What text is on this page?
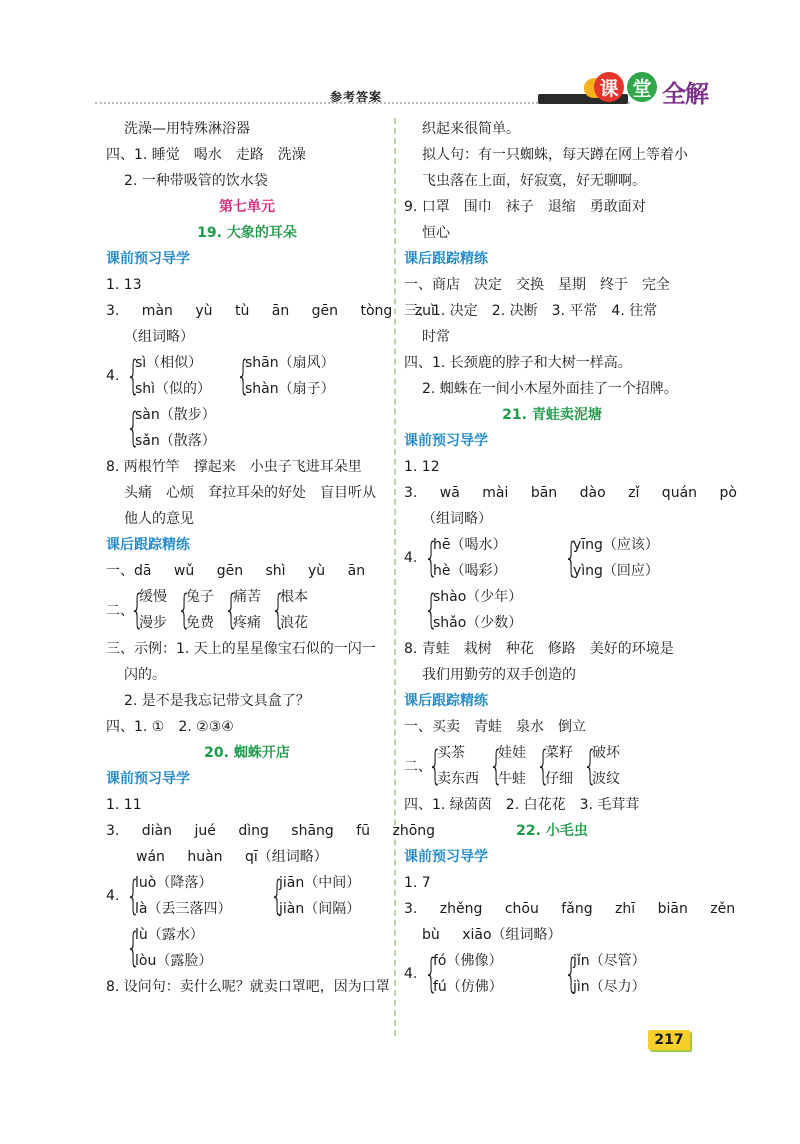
参考答案	课 堂 全解
洗澡—用特殊淋浴器
四、1. 睡觉　喝水　走路　洗澡
2. 一种带吸管的饮水袋
第七单元
19. 大象的耳朵
课前预习导学
1. 13
3. màn yù tù ān gēn tòng zuì
（组词略）
4. {
sì（相似）
shì（似的） {
shān（扇风）
shàn（扇子）
{
sàn（散步）
sǎn（散落）
8. 两根竹竿　撑起来　小虫子飞进耳朵里
头痛　心烦　耷拉耳朵的好处　盲目听从
他人的意见
课后跟踪精练
一、dā wǔ gēn shì yù ān
二、
{
缓慢
漫步 {
兔子
免费 {
痛苦
疼痛 {
根本
浪花
三、示例：1. 天上的星星像宝石似的一闪一
闪的。
2. 是不是我忘记带文具盒了？
四、1. ①　2. ②③④
20. 蜘蛛开店
课前预习导学
1. 11
3. diàn jué dìng shāng fū zhōng
wán huàn qī（组词略）
4. {
luò（降落）
là（丢三落四） {
jiān（中间）
jiàn（间隔）
{
lù（露水）
lòu（露脸）
8. 设问句：卖什么呢？就卖口罩吧，因为口罩
织起来很简单。
拟人句：有一只蜘蛛，每天蹲在网上等着小
飞虫落在上面，好寂寞，好无聊啊。
9. 口罩　围巾　袜子　退缩　勇敢面对
恒心
课后跟踪精练
一、商店　决定　交换　星期　终于　完全
三、1. 决定　2. 决断　3. 平常　4. 往常
时常
四、1. 长颈鹿的脖子和大树一样高。
2. 蜘蛛在一间小木屋外面挂了一个招牌。
21. 青蛙卖泥塘
课前预习导学
1. 12
3. wā mài bān dào zǐ quán pò
（组词略）
4. {
hē（喝水）
hè（喝彩） {
yīng（应该）
yìng（回应）
{
shào（少年）
shǎo（少数）
8. 青蛙　栽树　种花　修路　美好的环境是
我们用勤劳的双手创造的
课后跟踪精练
一、买卖　青蛙　泉水　倒立
二、
{
买茶
卖东西 {
娃娃
牛蛙 {
菜籽
仔细 {
破坏
波纹
四、1. 绿茵茵　2. 白花花　3. 毛茸茸
22. 小毛虫
课前预习导学
1. 7
3. zhěng chōu fǎng zhī biān zěn
bù xiāo（组词略）
4. {
fó（佛像）
fú（仿佛） {
jǐn（尽管）
jìn（尽力）
217
